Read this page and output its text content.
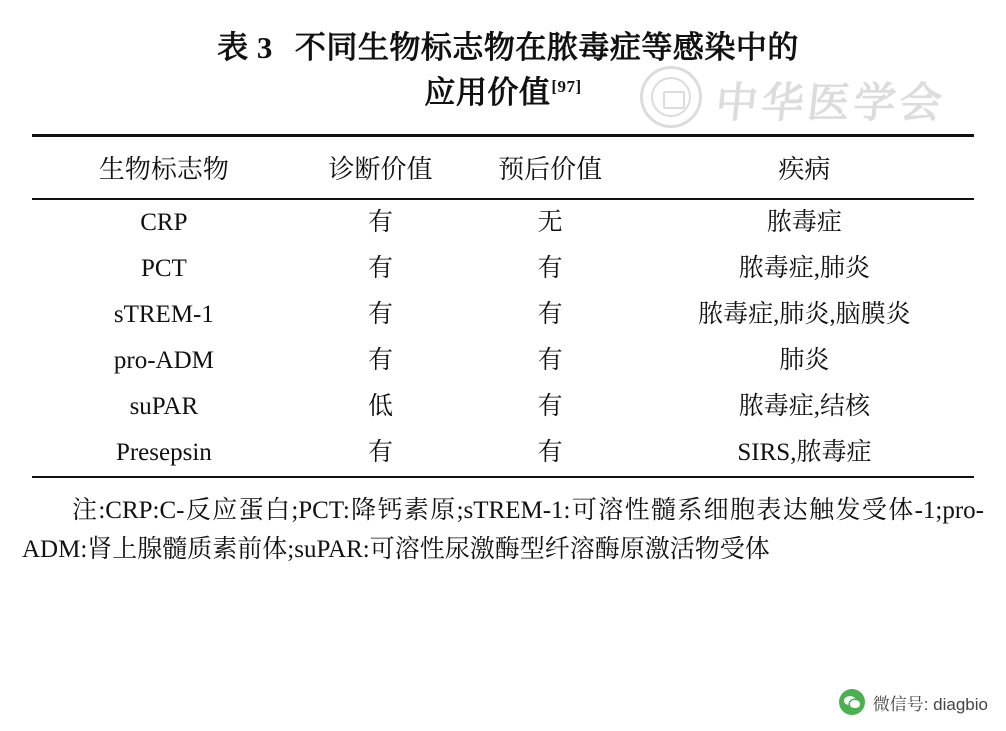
中华医学会
表 3 不同生物标志物在脓毒症等感染中的
应用价值[97]
生物标志物	诊断价值	预后价值	疾病
CRP	有	无	脓毒症
PCT	有	有	脓毒症,肺炎
sTREM-1	有	有	脓毒症,肺炎,脑膜炎
pro-ADM	有	有	肺炎
suPAR	低	有	脓毒症,结核
Presepsin	有	有	SIRS,脓毒症
注:CRP:C-反应蛋白;PCT:降钙素原;sTREM-1:可溶性髓系细胞表达触发受体-1;pro-ADM:肾上腺髓质素前体;suPAR:可溶性尿激酶型纤溶酶原激活物受体
微信号: diagbio
